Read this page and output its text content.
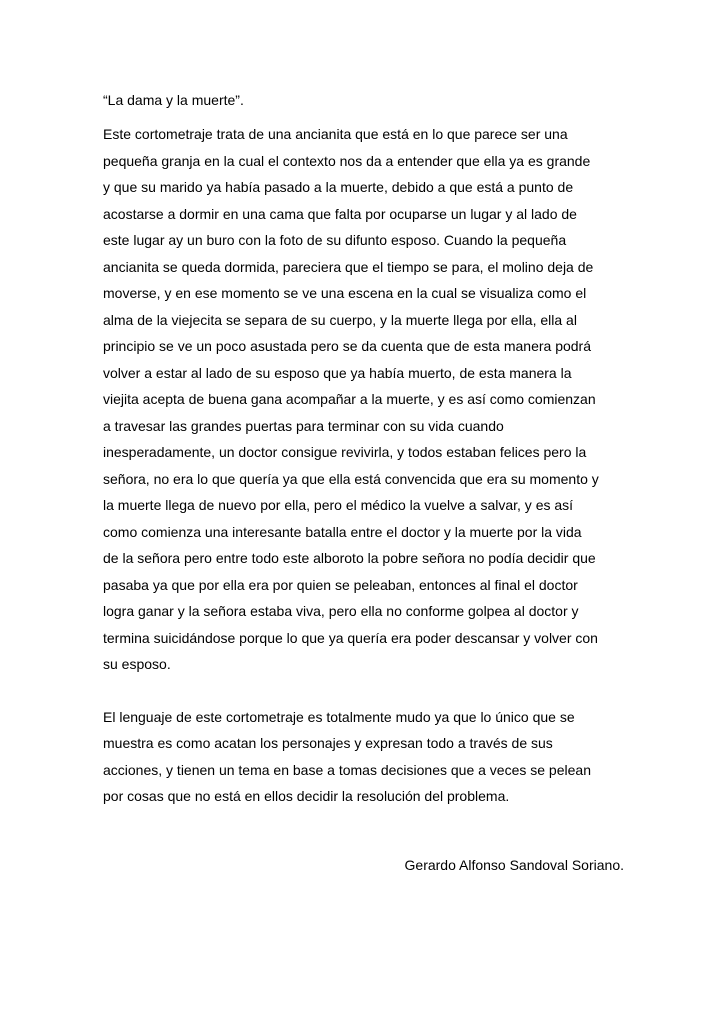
“La dama y la muerte”.
Este cortometraje trata de una ancianita que está en lo que parece ser una
pequeña granja en la cual el contexto nos da a entender que ella ya es grande
y que su marido ya había pasado a la muerte, debido a que está a punto de
acostarse a dormir en una cama que falta por ocuparse un lugar y al lado de
este lugar ay un buro con la foto de su difunto esposo. Cuando la pequeña
ancianita se queda dormida, pareciera que el tiempo se para, el molino deja de
moverse, y en ese momento se ve una escena en la cual se visualiza como el
alma de la viejecita se separa de su cuerpo, y la muerte llega por ella, ella al
principio se ve un poco asustada pero se da cuenta que de esta manera podrá
volver a estar al lado de su esposo que ya había muerto, de esta manera la
viejita acepta de buena gana acompañar a la muerte, y es así como comienzan
a travesar las grandes puertas para terminar con su vida cuando
inesperadamente, un doctor consigue revivirla, y todos estaban felices pero la
señora, no era lo que quería ya que ella está convencida que era su momento y
la muerte llega de nuevo por ella, pero el médico la vuelve a salvar, y es así
como comienza una interesante batalla entre el doctor y la muerte por la vida
de la señora pero entre todo este alboroto la pobre señora no podía decidir que
pasaba ya que por ella era por quien se peleaban, entonces al final el doctor
logra ganar y la señora estaba viva, pero ella no conforme golpea al doctor y
termina suicidándose porque lo que ya quería era poder descansar y volver con
su esposo.
El lenguaje de este cortometraje es totalmente mudo ya que lo único que se
muestra es como acatan los personajes y expresan todo a través de sus
acciones, y tienen un tema en base a tomas decisiones que a veces se pelean
por cosas que no está en ellos decidir la resolución del problema.
Gerardo Alfonso Sandoval Soriano.
